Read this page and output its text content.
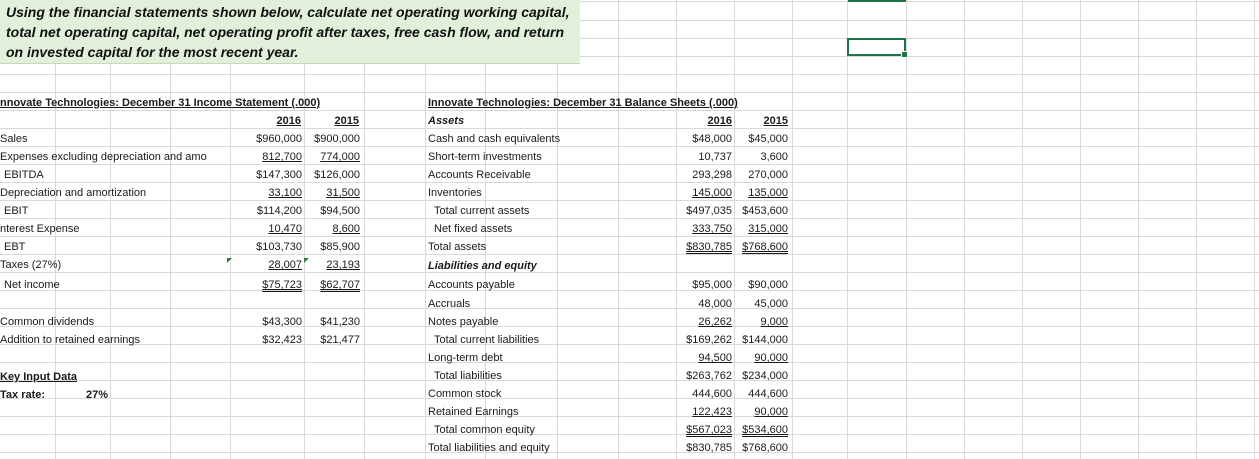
Using the financial statements shown below, calculate net operating working capital, total net operating capital, net operating profit after taxes, free cash flow, and return on invested capital for the most recent year.
nnovate Technologies: December 31 Income Statement (.000)
2016	2015
Sales	$960,000	$900,000
Expenses excluding depreciation and amo	812,700	774,000
EBITDA	$147,300	$126,000
Depreciation and amortization	33,100	31,500
EBIT	$114,200	$94,500
nterest Expense	10,470	8,600
EBT	$103,730	$85,900
Taxes (27%)	28,007	23,193
Net income	$75,723	$62,707
Common dividends	$43,300	$41,230
Addition to retained earnings	$32,423	$21,477
Key Input Data
Tax rate:	27%
Innovate Technologies: December 31 Balance Sheets (.000)
Assets	2016	2015
Cash and cash equivalents	$48,000	$45,000
Short-term investments	10,737	3,600
Accounts Receivable	293,298	270,000
Inventories	145,000	135,000
Total current assets	$497,035 $453,600
Net fixed assets	333,750	315,000
Total assets	$830,785 $768,600
Liabilities and equity
Accounts payable	$95,000	$90,000
Accruals	48,000	45,000
Notes payable	26,262	9,000
Total current liabilities	$169,262 $144,000
Long-term debt	94,500	90,000
Total liabilities	$263,762 $234,000
Common stock	444,600	444,600
Retained Earnings	122,423	90,000
Total common equity	$567,023 $534,600
Total liabilities and equity	$830,785 $768,600
